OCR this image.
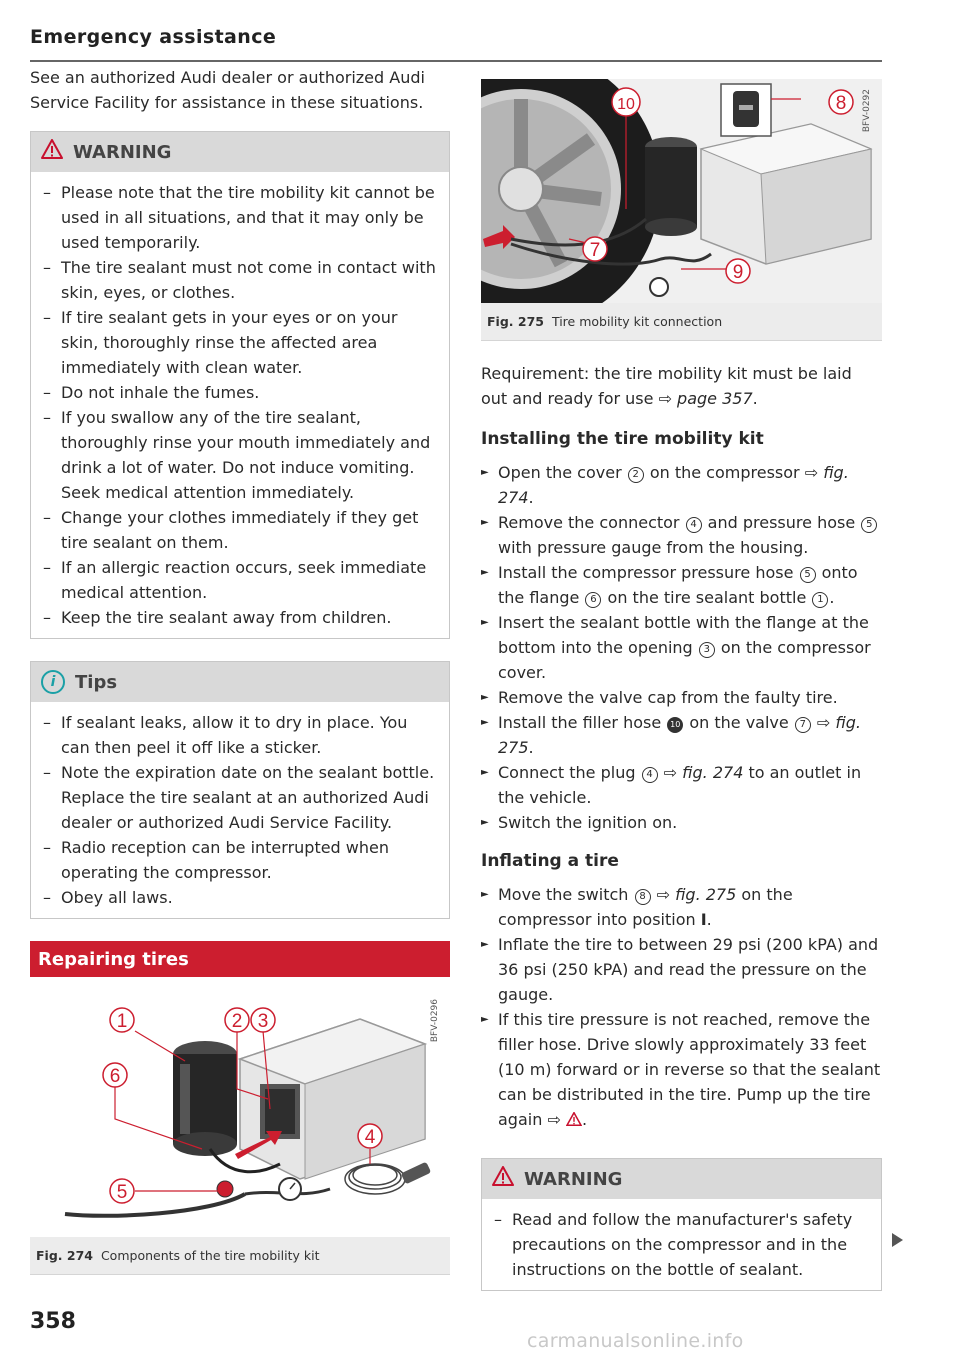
Emergency assistance

See an authorized Audi dealer or authorized Audi Service Facility for assistance in these situations.

WARNING
– Please note that the tire mobility kit cannot be used in all situations, and that it may only be used temporarily.
– The tire sealant must not come in contact with skin, eyes, or clothes.
– If tire sealant gets in your eyes or on your skin, thoroughly rinse the affected area immediately with clean water.
– Do not inhale the fumes.
– If you swallow any of the tire sealant, thoroughly rinse your mouth immediately and drink a lot of water. Do not induce vomiting. Seek medical attention immediately.
– Change your clothes immediately if they get tire sealant on them.
– If an allergic reaction occurs, seek immediate medical attention.
– Keep the tire sealant away from children.
i	Tips
– If sealant leaks, allow it to dry in place. You can then peel it off like a sticker.
– Note the expiration date on the sealant bottle. Replace the tire sealant at an authorized Audi dealer or authorized Audi Service Facility.
– Radio reception can be interrupted when operating the compressor.
– Obey all laws.
Repairing tires
1	2 3
4
5
6
BFV-0296
Fig. 274 Components of the tire mobility kit
7
8
9
10	BFV-0292
Fig. 275 Tire mobility kit connection

Requirement: the tire mobility kit must be laid out and ready for use ⇨ page 357.

Installing the tire mobility kit
► Open the cover 2 on the compressor ⇨ fig. 274.
► Remove the connector 4 and pressure hose 5 with pressure gauge from the housing.
► Install the compressor pressure hose 5 onto the flange 6 on the tire sealant bottle 1 .
► Insert the sealant bottle with the flange at the bottom into the opening 3 on the compressor cover.
► Remove the valve cap from the faulty tire.
► Install the filler hose 10 on the valve 7 ⇨ fig. 275.
► Connect the plug 4 ⇨ fig. 274 to an outlet in the vehicle.
► Switch the ignition on.
Inflating a tire
► Move the switch 8 ⇨ fig. 275 on the compressor into position I.
► Inflate the tire to between 29 psi (200 kPA) and 36 psi (250 kPA) and read the pressure on the gauge.
► If this tire pressure is not reached, remove the filler hose. Drive slowly approximately 33 feet (10 m) forward or in reverse so that the sealant can be distributed in the tire. Pump up the tire again ⇨ .
WARNING
– Read and follow the manufacturer's safety precautions on the compressor and in the instructions on the bottle of sealant.
358
carmanualsonline.info
